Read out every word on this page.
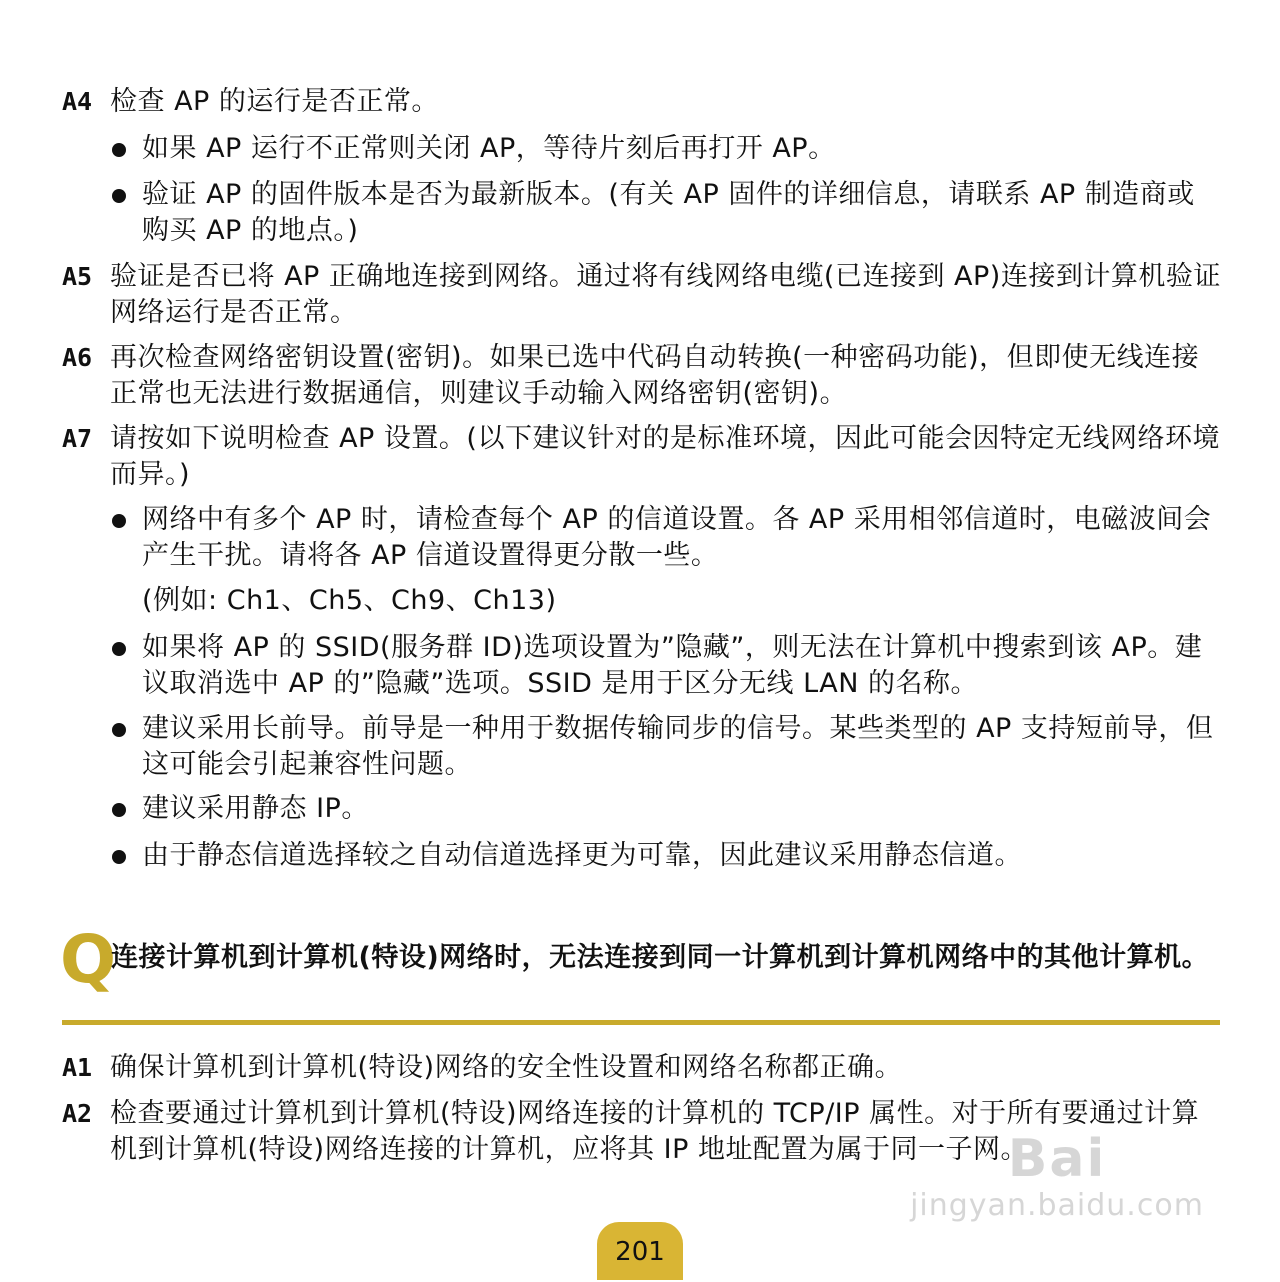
A4 检查 AP 的运行是否正常。
如果 AP 运行不正常则关闭 AP，等待片刻后再打开 AP。
验证 AP 的固件版本是否为最新版本。(有关 AP 固件的详细信息，请联系 AP 制造商或购买 AP 的地点。)
A5 验证是否已将 AP 正确地连接到网络。通过将有线网络电缆(已连接到 AP)连接到计算机验证网络运行是否正常。
A6 再次检查网络密钥设置(密钥)。如果已选中代码自动转换(一种密码功能)，但即使无线连接正常也无法进行数据通信，则建议手动输入网络密钥(密钥)。
A7 请按如下说明检查 AP 设置。(以下建议针对的是标准环境，因此可能会因特定无线网络环境而异。)
网络中有多个 AP 时，请检查每个 AP 的信道设置。各 AP 采用相邻信道时，电磁波间会产生干扰。请将各 AP 信道设置得更分散一些。
(例如: Ch1、Ch5、Ch9、Ch13)
如果将 AP 的 SSID(服务群 ID)选项设置为”隐藏”，则无法在计算机中搜索到该 AP。建议取消选中 AP 的”隐藏”选项。SSID 是用于区分无线 LAN 的名称。
建议采用长前导。前导是一种用于数据传输同步的信号。某些类型的 AP 支持短前导，但这可能会引起兼容性问题。
建议采用静态 IP。
由于静态信道选择较之自动信道选择更为可靠，因此建议采用静态信道。
Q
连接计算机到计算机(特设)网络时，无法连接到同一计算机到计算机网络中的其他计算机。
A1 确保计算机到计算机(特设)网络的安全性设置和网络名称都正确。
A2 检查要通过计算机到计算机(特设)网络连接的计算机的 TCP/IP 属性。对于所有要通过计算机到计算机(特设)网络连接的计算机，应将其 IP 地址配置为属于同一子网。
Bai
jingyan.baidu.com
201
